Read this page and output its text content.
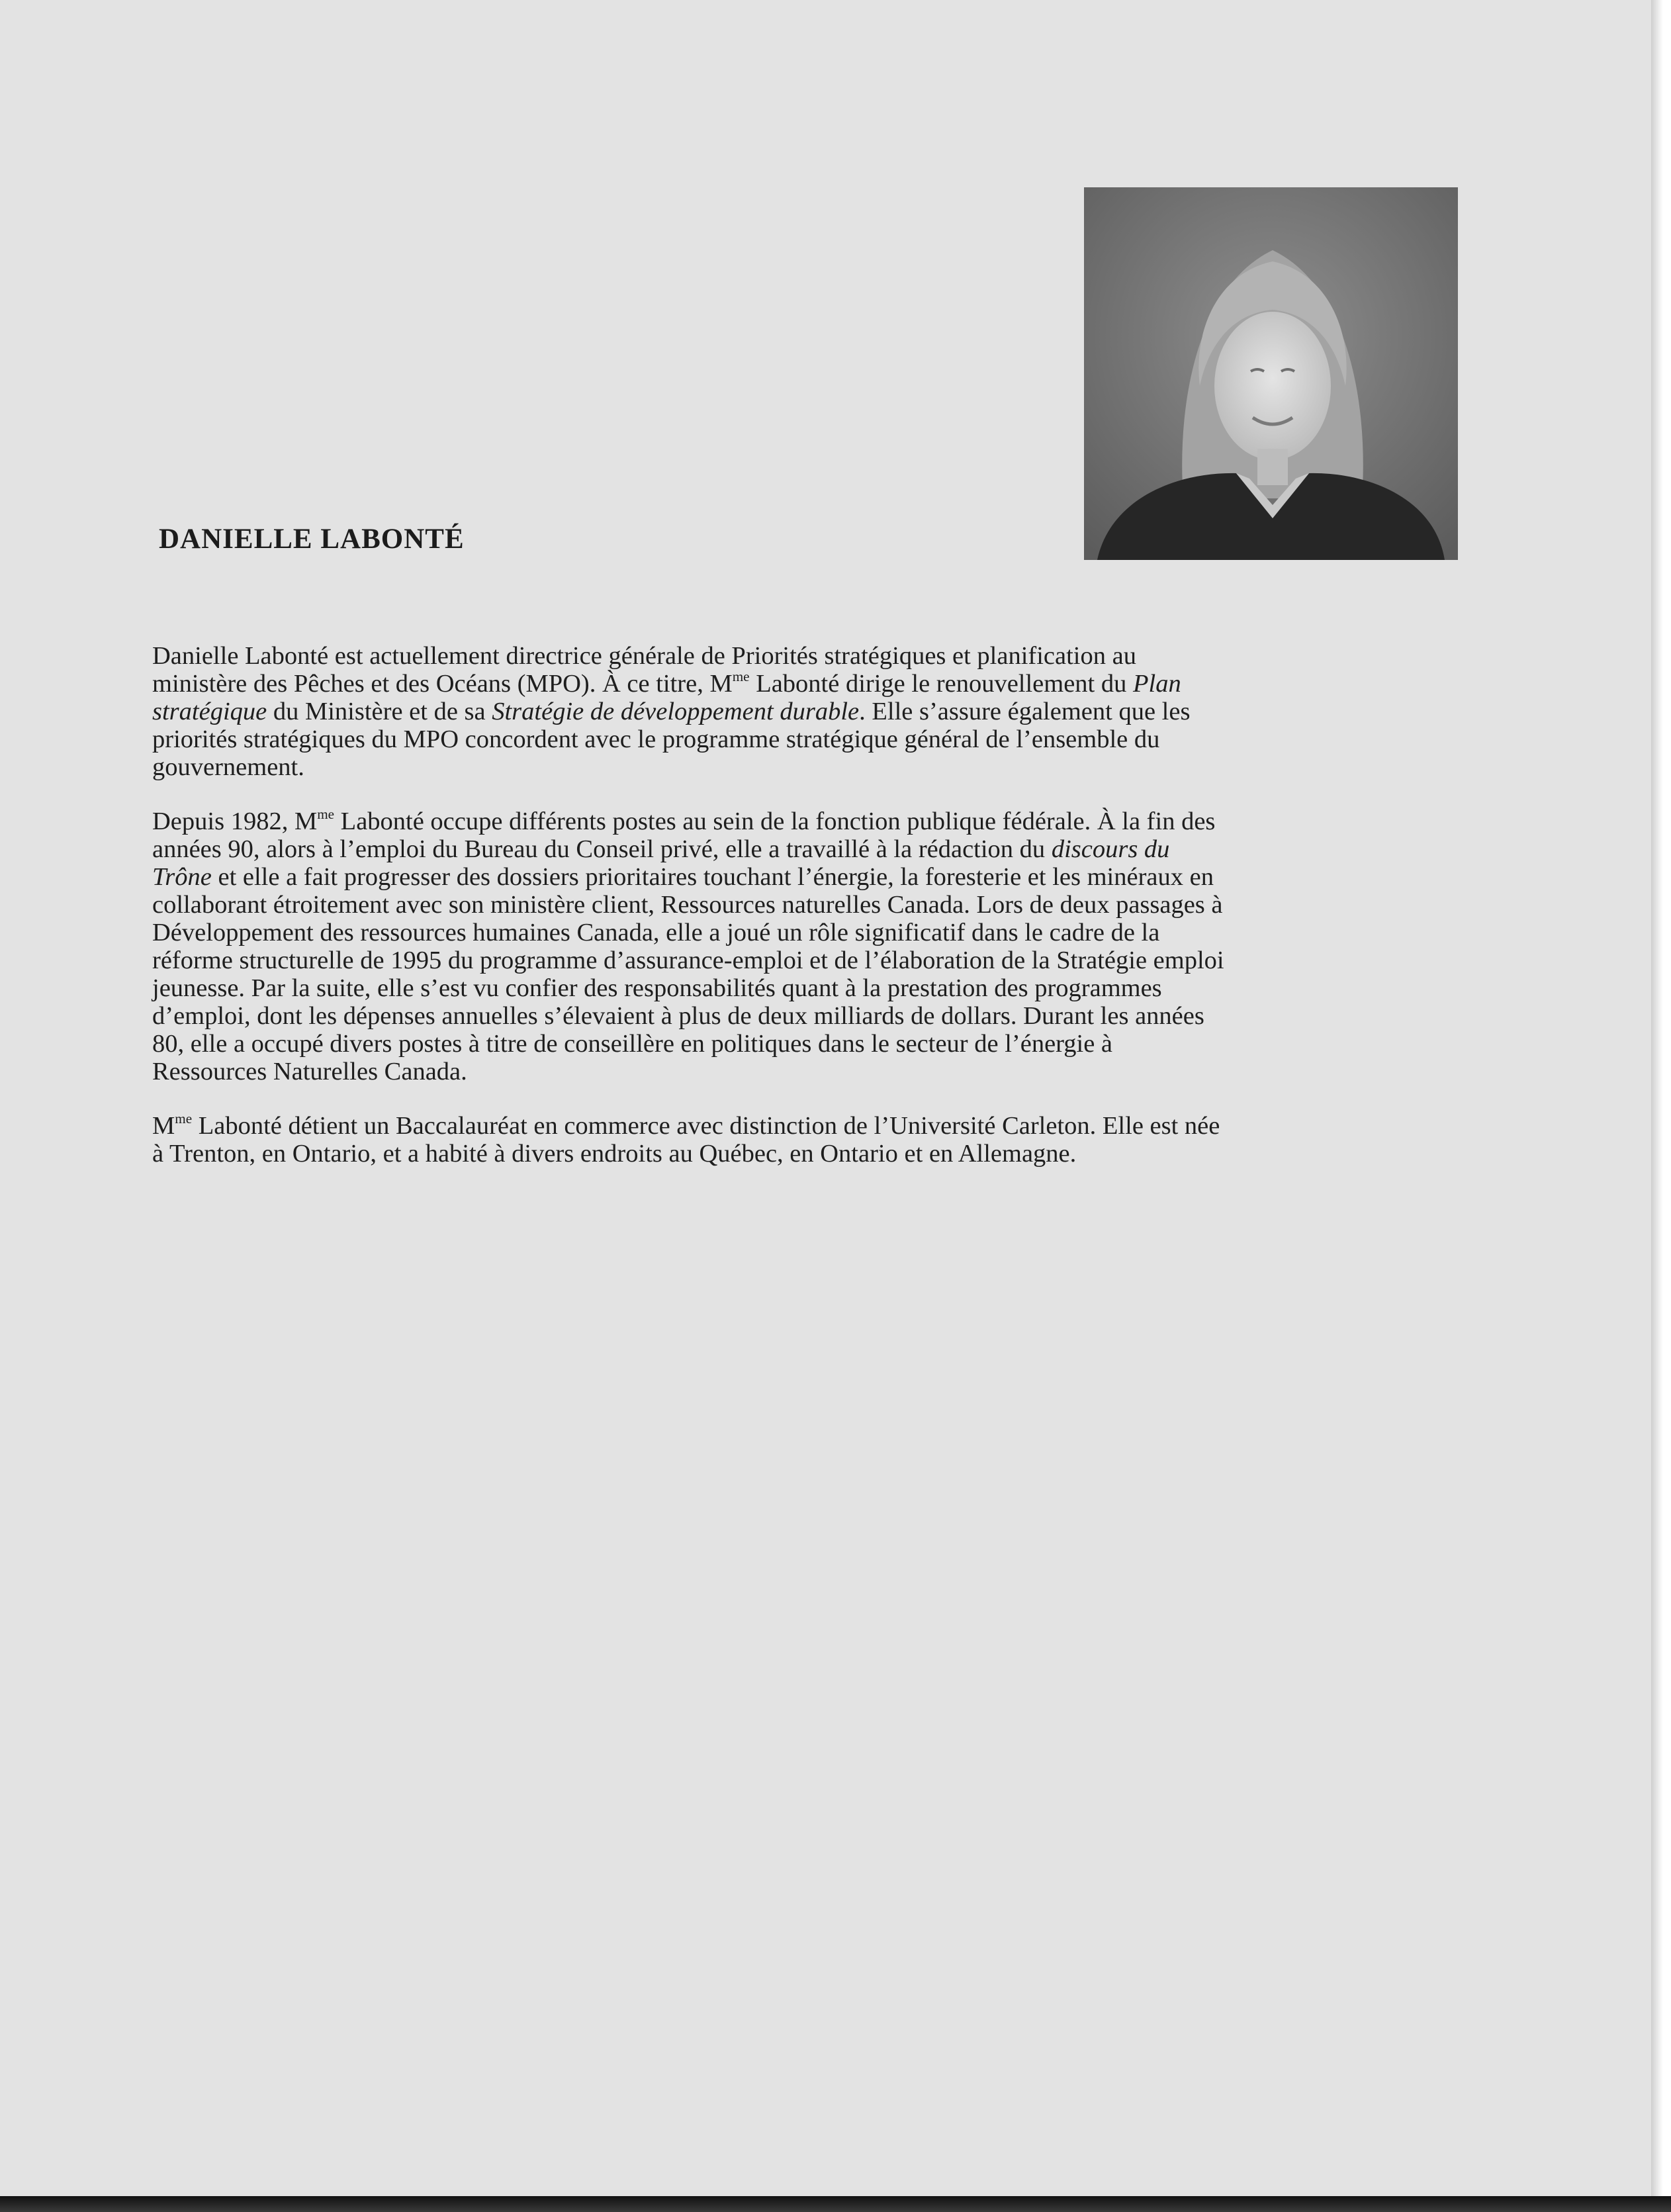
DANIELLE LABONTÉ

Danielle Labonté est actuellement directrice générale de Priorités stratégiques et planification au
ministère des Pêches et des Océans (MPO). À ce titre, $M^{me}$ Labonté dirige le renouvellement du Plan
stratégique du Ministère et de sa Stratégie de développement durable. Elle s’assure également que les
priorités stratégiques du MPO concordent avec le programme stratégique général de l’ensemble du
gouvernement.

Depuis 1982, $M^{me}$ Labonté occupe différents postes au sein de la fonction publique fédérale. À la fin des
années 90, alors à l’emploi du Bureau du Conseil privé, elle a travaillé à la rédaction du discours du
Trône et elle a fait progresser des dossiers prioritaires touchant l’énergie, la foresterie et les minéraux en
collaborant étroitement avec son ministère client, Ressources naturelles Canada. Lors de deux passages à
Développement des ressources humaines Canada, elle a joué un rôle significatif dans le cadre de la
réforme structurelle de 1995 du programme d’assurance-emploi et de l’élaboration de la Stratégie emploi
jeunesse. Par la suite, elle s’est vu confier des responsabilités quant à la prestation des programmes
d’emploi, dont les dépenses annuelles s’élevaient à plus de deux milliards de dollars. Durant les années
80, elle a occupé divers postes à titre de conseillère en politiques dans le secteur de l’énergie à
Ressources Naturelles Canada.

$M^{me}$ Labonté détient un Baccalauréat en commerce avec distinction de l’Université Carleton. Elle est née
à Trenton, en Ontario, et a habité à divers endroits au Québec, en Ontario et en Allemagne.
